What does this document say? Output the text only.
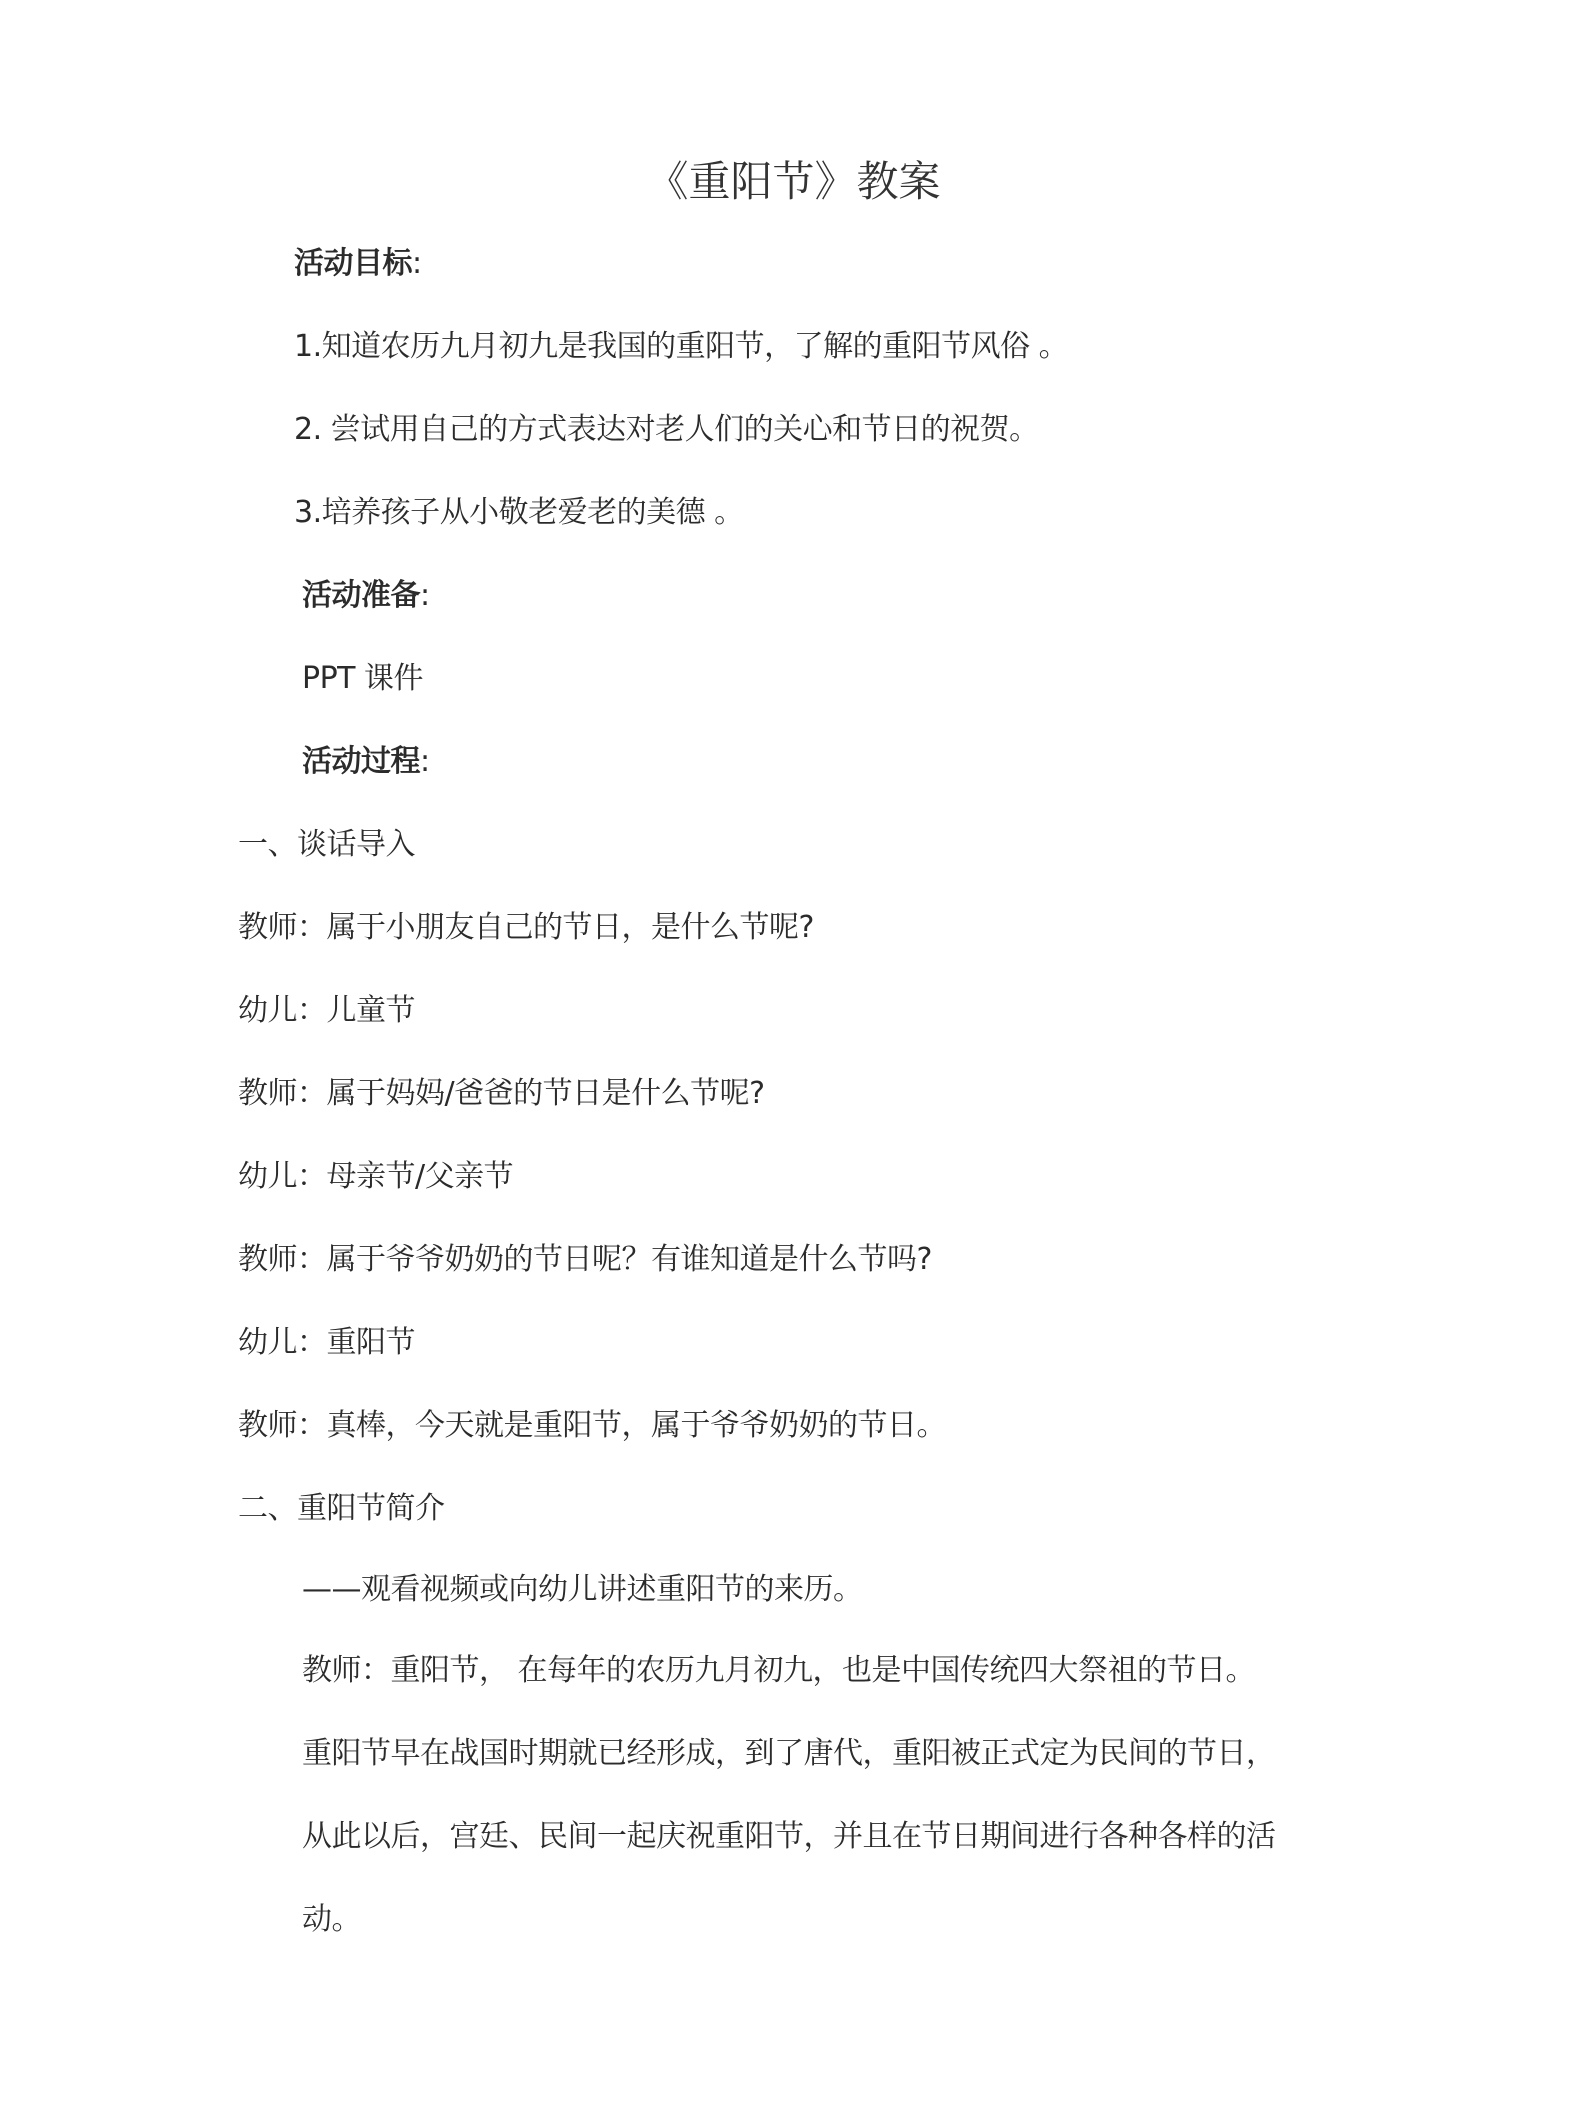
《重阳节》教案
活动目标:
1.知道农历九月初九是我国的重阳节，了解的重阳节风俗 。
2. 尝试用自己的方式表达对老人们的关心和节日的祝贺。
3.培养孩子从小敬老爱老的美德 。
活动准备:
PPT 课件
活动过程:
一、谈话导入
教师：属于小朋友自己的节日，是什么节呢?
幼儿：儿童节
教师：属于妈妈/爸爸的节日是什么节呢?
幼儿：母亲节/父亲节
教师：属于爷爷奶奶的节日呢？有谁知道是什么节吗?
幼儿：重阳节
教师：真棒，今天就是重阳节，属于爷爷奶奶的节日。
二、重阳节简介
——观看视频或向幼儿讲述重阳节的来历。
教师：重阳节， 在每年的农历九月初九，也是中国传统四大祭祖的节日。
重阳节早在战国时期就已经形成，到了唐代，重阳被正式定为民间的节日，
从此以后，宫廷、民间一起庆祝重阳节，并且在节日期间进行各种各样的活
动。
